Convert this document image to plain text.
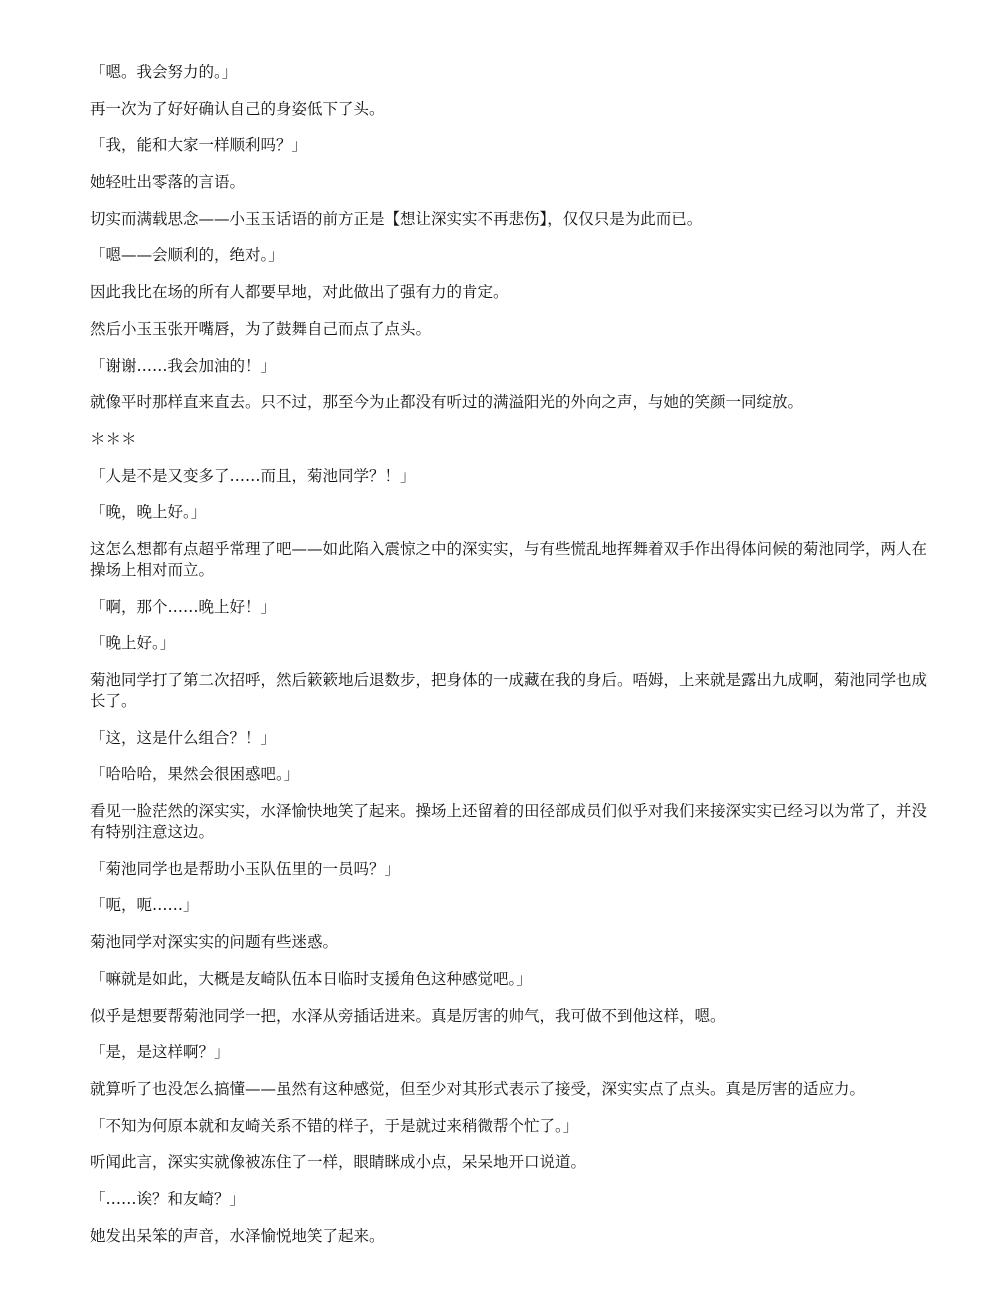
「嗯。我会努力的。」

再一次为了好好确认自己的身姿低下了头。

「我，能和大家一样顺利吗？」

她轻吐出零落的言语。

切实而满载思念——小玉玉话语的前方正是【想让深实实不再悲伤】，仅仅只是为此而已。

「嗯——会顺利的，绝对。」

因此我比在场的所有人都要早地，对此做出了强有力的肯定。

然后小玉玉张开嘴唇，为了鼓舞自己而点了点头。

「谢谢……我会加油的！」

就像平时那样直来直去。只不过，那至今为止都没有听过的满溢阳光的外向之声，与她的笑颜一同绽放。

＊＊＊

「人是不是又变多了……而且，菊池同学？！」

「晚，晚上好。」

这怎么想都有点超乎常理了吧——如此陷入震惊之中的深实实，与有些慌乱地挥舞着双手作出得体问候的菊池同学，两人在操场上相对而立。

「啊，那个……晚上好！」

「晚上好。」

菊池同学打了第二次招呼，然后簌簌地后退数步，把身体的一成藏在我的身后。唔姆，上来就是露出九成啊，菊池同学也成长了。

「这，这是什么组合？！」

「哈哈哈，果然会很困惑吧。」

看见一脸茫然的深实实，水泽愉快地笑了起来。操场上还留着的田径部成员们似乎对我们来接深实实已经习以为常了，并没有特别注意这边。

「菊池同学也是帮助小玉队伍里的一员吗？」

「呃，呃……」

菊池同学对深实实的问题有些迷惑。

「嘛就是如此，大概是友崎队伍本日临时支援角色这种感觉吧。」

似乎是想要帮菊池同学一把，水泽从旁插话进来。真是厉害的帅气，我可做不到他这样，嗯。

「是，是这样啊？」

就算听了也没怎么搞懂——虽然有这种感觉，但至少对其形式表示了接受，深实实点了点头。真是厉害的适应力。

「不知为何原本就和友崎关系不错的样子，于是就过来稍微帮个忙了。」

听闻此言，深实实就像被冻住了一样，眼睛眯成小点，呆呆地开口说道。

「……诶？和友崎？」

她发出呆笨的声音，水泽愉悦地笑了起来。
